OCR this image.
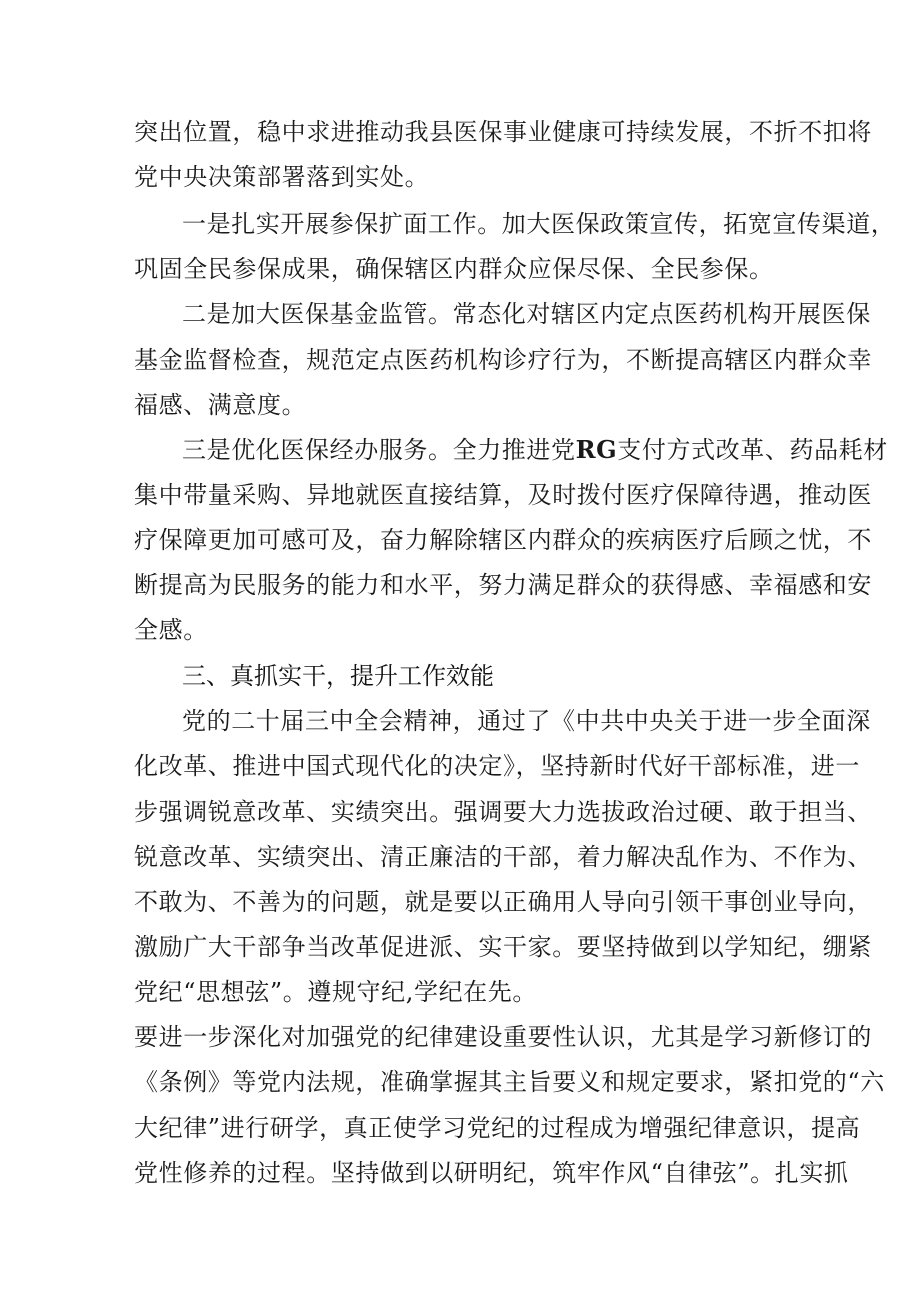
突出位置，稳中求进推动我县医保事业健康可持续发展，不折不扣将
党中央决策部署落到实处。
一是扎实开展参保扩面工作。加大医保政策宣传，拓宽宣传渠道，
巩固全民参保成果，确保辖区内群众应保尽保、全民参保。
二是加大医保基金监管。常态化对辖区内定点医药机构开展医保
基金监督检查，规范定点医药机构诊疗行为，不断提高辖区内群众幸
福感、满意度。
三是优化医保经办服务。全力推进党RG支付方式改革、药品耗材
集中带量采购、异地就医直接结算，及时拨付医疗保障待遇，推动医
疗保障更加可感可及，奋力解除辖区内群众的疾病医疗后顾之忧，不
断提高为民服务的能力和水平，努力满足群众的获得感、幸福感和安
全感。
三、真抓实干，提升工作效能
党的二十届三中全会精神，通过了《中共中央关于进一步全面深
化改革、推进中国式现代化的决定》，坚持新时代好干部标准，进一
步强调锐意改革、实绩突出。强调要大力选拔政治过硬、敢于担当、
锐意改革、实绩突出、清正廉洁的干部，着力解决乱作为、不作为、
不敢为、不善为的问题，就是要以正确用人导向引领干事创业导向，
激励广大干部争当改革促进派、实干家。要坚持做到以学知纪，绷紧
党纪“思想弦”。遵规守纪,学纪在先。
要进一步深化对加强党的纪律建设重要性认识，尤其是学习新修订的
《条例》等党内法规，准确掌握其主旨要义和规定要求，紧扣党的“六
大纪律”进行研学，真正使学习党纪的过程成为增强纪律意识，提高
党性修养的过程。坚持做到以研明纪，筑牢作风“自律弦”。扎实抓
